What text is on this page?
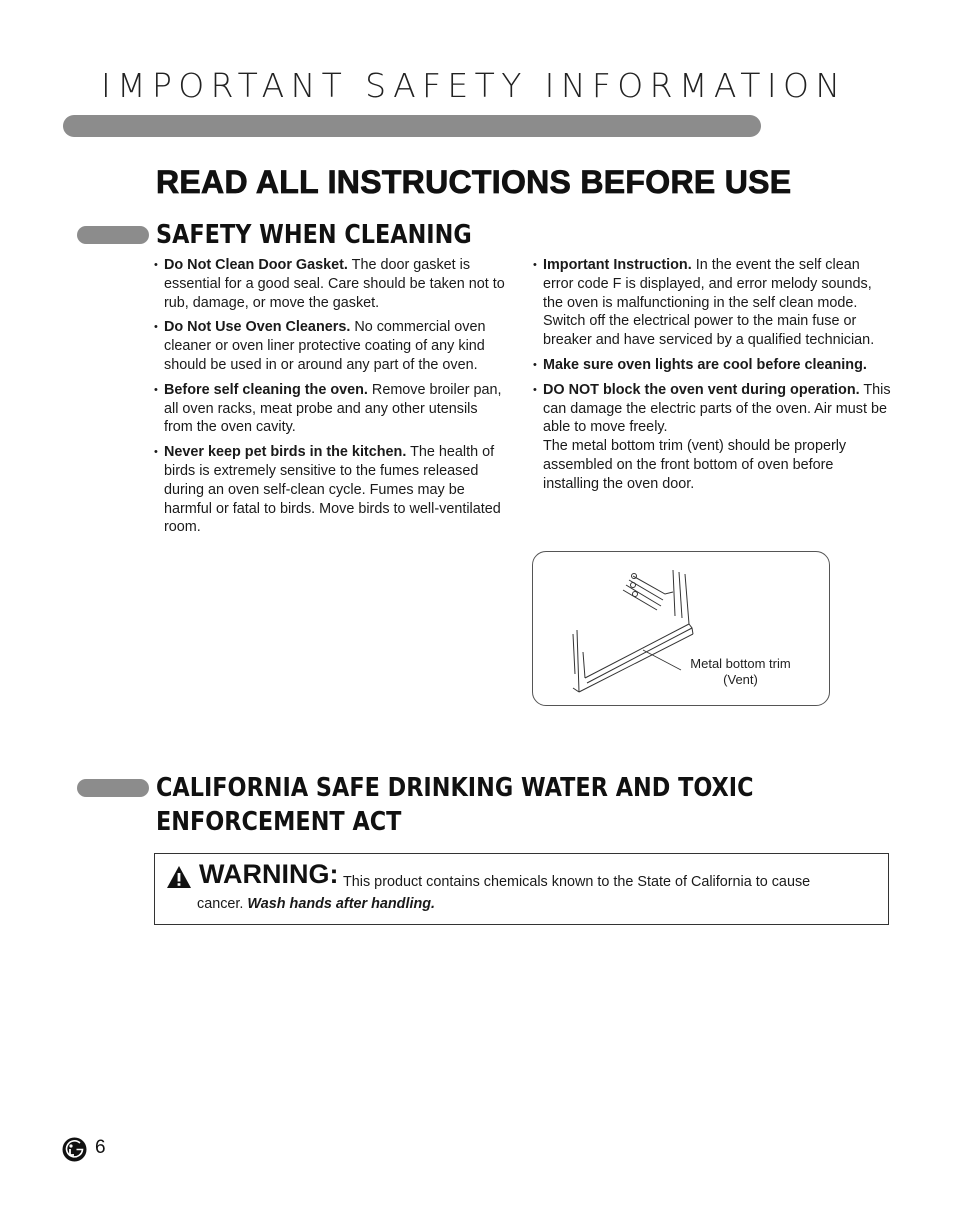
IMPORTANT SAFETY INFORMATION
READ ALL INSTRUCTIONS BEFORE USE
SAFETY WHEN CLEANING
• Do Not Clean Door Gasket. The door gasket is essential for a good seal. Care should be taken not to rub, damage, or move the gasket.
• Do Not Use Oven Cleaners. No commercial oven cleaner or oven liner protective coating of any kind should be used in or around any part of the oven.
• Before self cleaning the oven. Remove broiler pan, all oven racks, meat probe and any other utensils from the oven cavity.
• Never keep pet birds in the kitchen. The health of birds is extremely sensitive to the fumes released during an oven self-clean cycle. Fumes may be harmful or fatal to birds. Move birds to well-ventilated room.
• Important Instruction. In the event the self clean error code F is displayed, and error melody sounds, the oven is malfunctioning in the self clean mode. Switch off the electrical power to the main fuse or breaker and have serviced by a qualified technician.
• Make sure oven lights are cool before cleaning.
• DO NOT block the oven vent during operation. This can damage the electric parts of the oven. Air must be able to move freely.
The metal bottom trim (vent) should be properly assembled on the front bottom of oven before installing the oven door.
Metal bottom trim
(Vent)
CALIFORNIA SAFE DRINKING WATER AND TOXIC
ENFORCEMENT ACT
WARNING: This product contains chemicals known to the State of California to cause
cancer. Wash hands after handling.
6
